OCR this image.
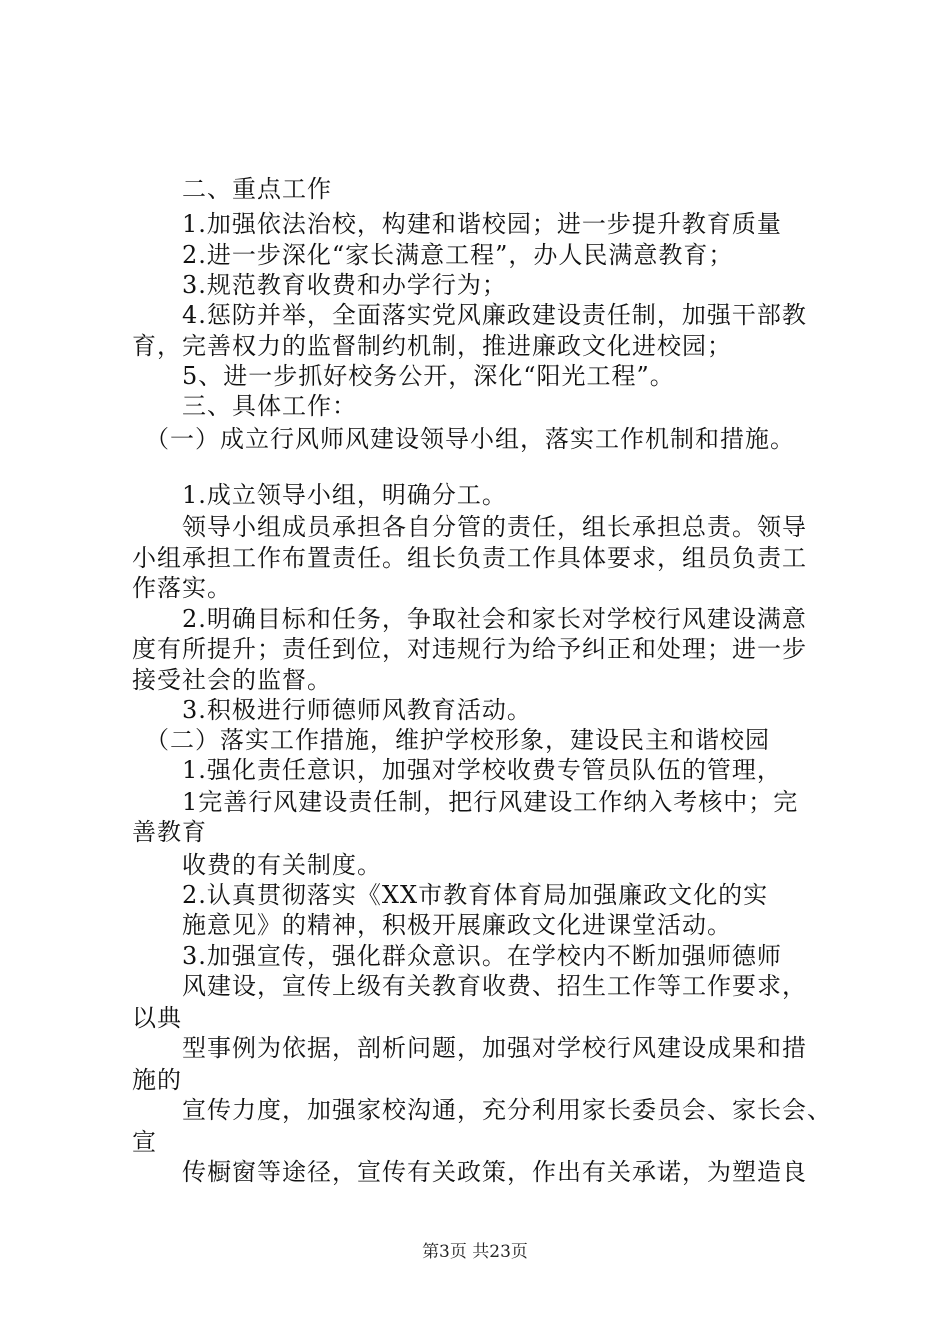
　　二、重点工作
　　1.加强依法治校，构建和谐校园；进一步提升教育质量
　　2.进一步深化“家长满意工程”，办人民满意教育；
　　3.规范教育收费和办学行为；
　　4.惩防并举，全面落实党风廉政建设责任制，加强干部教
育，完善权力的监督制约机制，推进廉政文化进校园；
　　5、进一步抓好校务公开，深化“阳光工程”。
　　三、具体工作：
　（一）成立行风师风建设领导小组，落实工作机制和措施。
　　1.成立领导小组，明确分工。
　　领导小组成员承担各自分管的责任，组长承担总责。领导
小组承担工作布置责任。组长负责工作具体要求，组员负责工
作落实。
　　2.明确目标和任务，争取社会和家长对学校行风建设满意
度有所提升；责任到位，对违规行为给予纠正和处理；进一步
接受社会的监督。
　　3.积极进行师德师风教育活动。
　（二）落实工作措施，维护学校形象，建设民主和谐校园
　　1.强化责任意识，加强对学校收费专管员队伍的管理，
　　1完善行风建设责任制，把行风建设工作纳入考核中；完
善教育
　　收费的有关制度。
　　2.认真贯彻落实《XX市教育体育局加强廉政文化的实
　　施意见》的精神，积极开展廉政文化进课堂活动。
　　3.加强宣传，强化群众意识。在学校内不断加强师德师
　　风建设，宣传上级有关教育收费、招生工作等工作要求，
以典
　　型事例为依据，剖析问题，加强对学校行风建设成果和措
施的
　　宣传力度，加强家校沟通，充分利用家长委员会、家长会、
宣
　　传橱窗等途径，宣传有关政策，作出有关承诺，为塑造良
第3页 共23页
